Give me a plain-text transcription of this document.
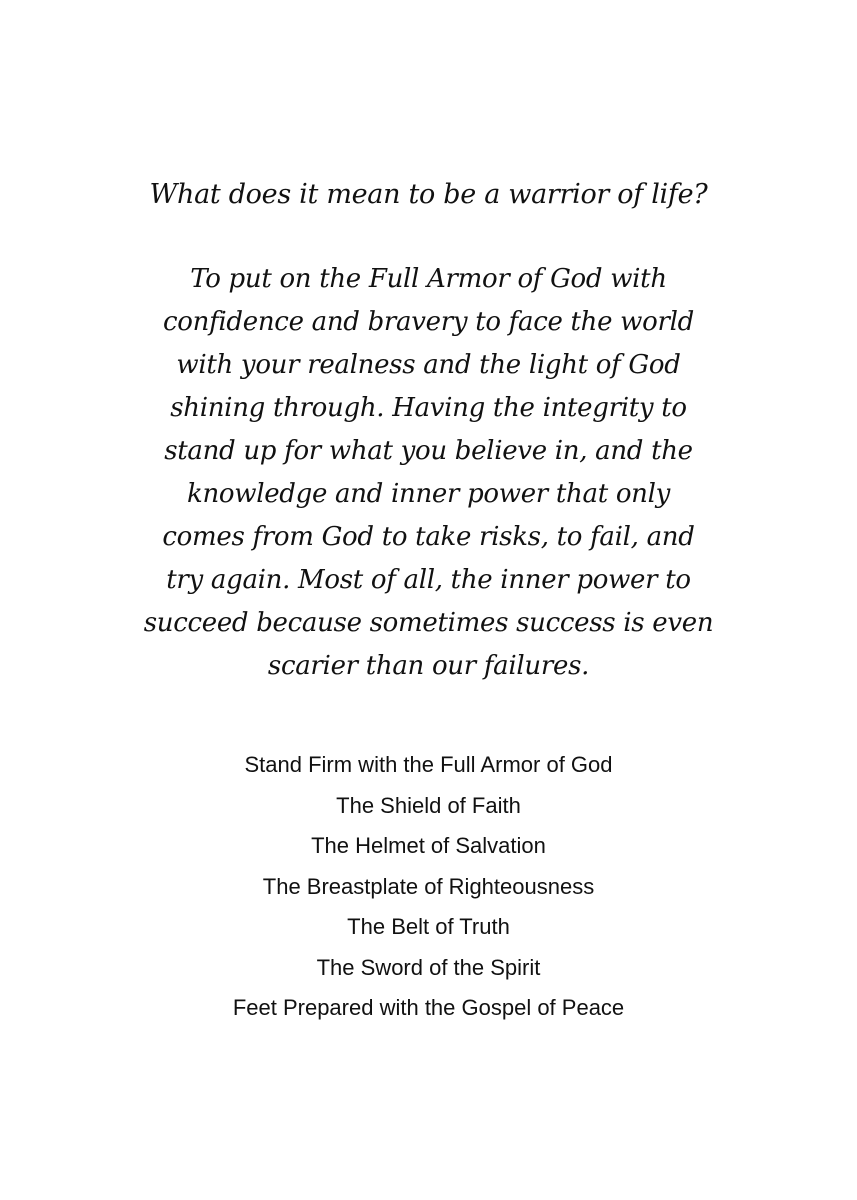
What does it mean to be a warrior of life?
To put on the Full Armor of God with
confidence and bravery to face the world
with your realness and the light of God
shining through. Having the integrity to
stand up for what you believe in, and the
knowledge and inner power that only
comes from God to take risks, to fail, and
try again. Most of all, the inner power to
succeed because sometimes success is even
scarier than our failures.
Stand Firm with the Full Armor of God
The Shield of Faith
The Helmet of Salvation
The Breastplate of Righteousness
The Belt of Truth
The Sword of the Spirit
Feet Prepared with the Gospel of Peace
